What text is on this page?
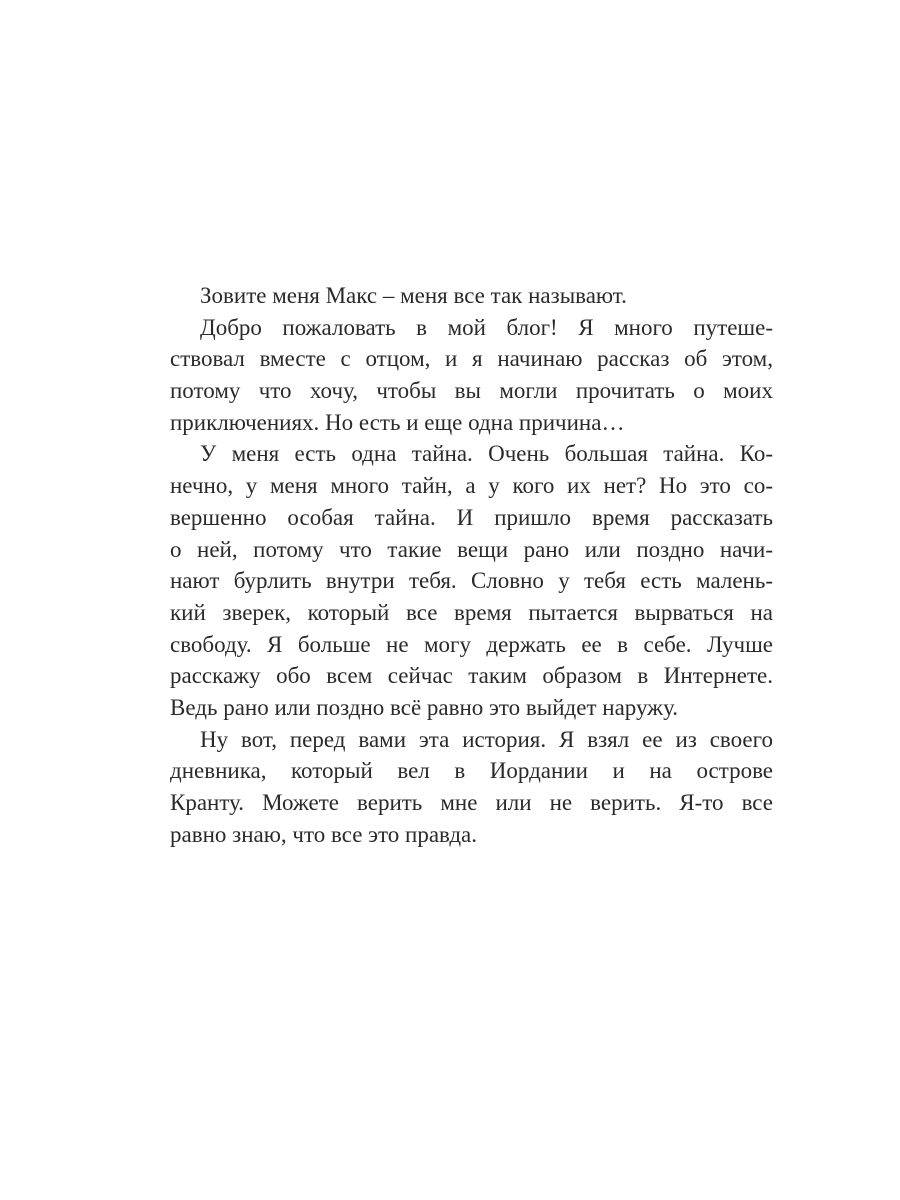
Зовите меня Макс – меня все так называют.
Добро пожаловать в мой блог! Я много путеше-
ствовал вместе с отцом, и я начинаю рассказ об этом,
потому что хочу, чтобы вы могли прочитать о моих
приключениях. Но есть и еще одна причина…
У меня есть одна тайна. Очень большая тайна. Ко-
нечно, у меня много тайн, а у кого их нет? Но это со-
вершенно особая тайна. И пришло время рассказать
о ней, потому что такие вещи рано или поздно начи-
нают бурлить внутри тебя. Словно у тебя есть малень-
кий зверек, который все время пытается вырваться на
свободу. Я больше не могу держать ее в себе. Лучше
расскажу обо всем сейчас таким образом в Интернете.
Ведь рано или поздно всё равно это выйдет наружу.
Ну вот, перед вами эта история. Я взял ее из своего
дневника, который вел в Иордании и на острове
Кранту. Можете верить мне или не верить. Я-то все
равно знаю, что все это правда.
